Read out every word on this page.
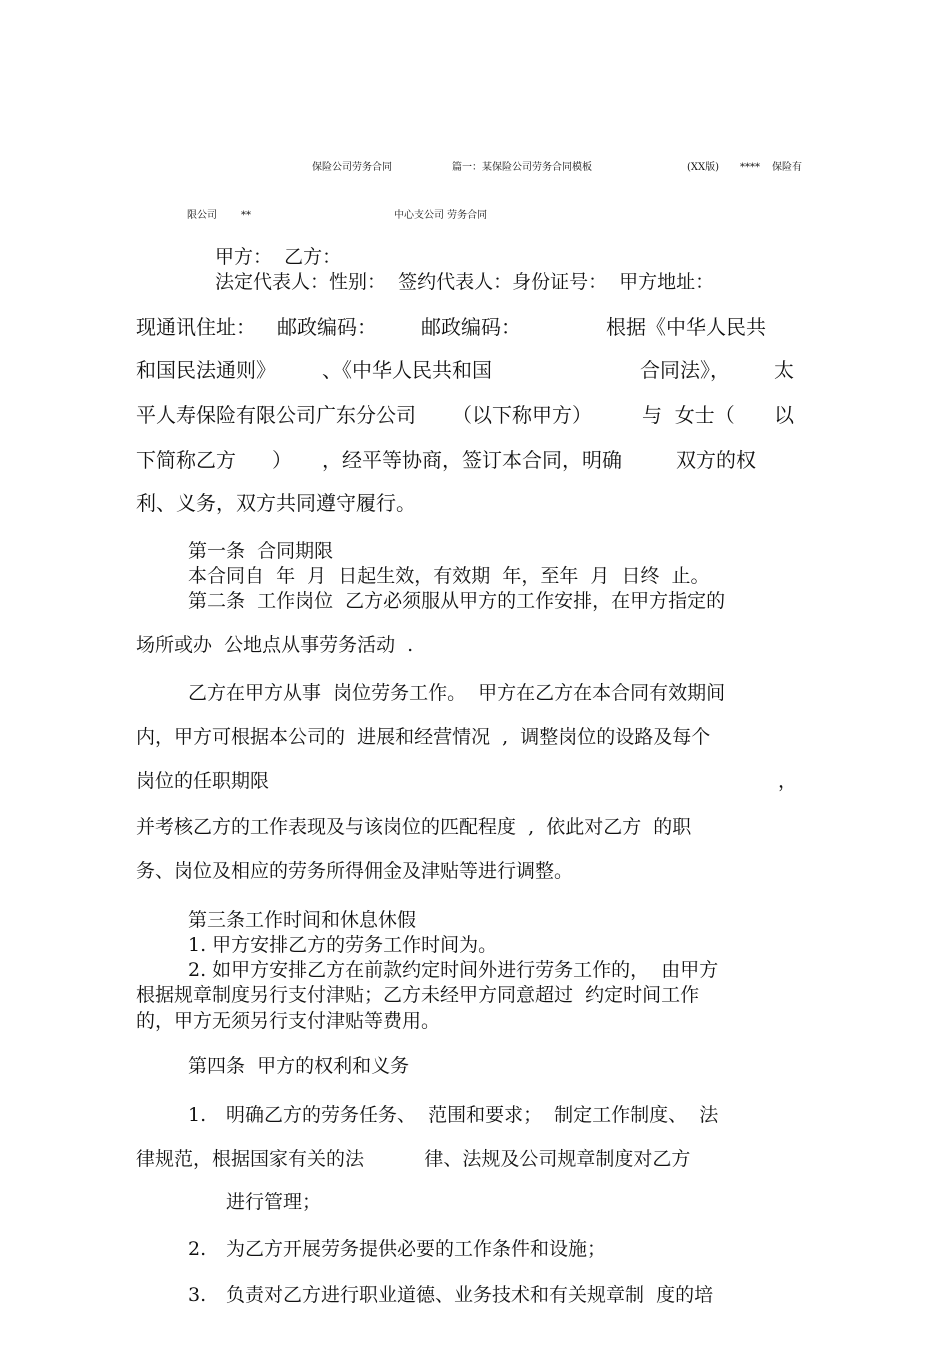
保险公司劳务合同	篇一：某保险公司劳务合同模板	(XX版) **** 保险有
限公司 **	中心支公司 劳务合同
甲方：  乙方：
法定代表人：性别：  签约代表人：身份证号：  甲方地址：
现通讯住址： 邮政编码： 邮政编码：	根据《中华人民共
和国民法通则》 、《中华人民共和国	合同法》， 太
平人寿保险有限公司广东分公司 （以下称甲方）	与  女士（ 以
下简称乙方 ） ，经平等协商，签订本合同，明确	双方的权
利、义务，双方共同遵守履行。
第一条  合同期限
本合同自  年  月  日起生效，有效期  年，至年  月  日终  止。
第二条  工作岗位  乙方必须服从甲方的工作安排，在甲方指定的
场所或办  公地点从事劳务活动  .
乙方在甲方从事  岗位劳务工作。  甲方在乙方在本合同有效期间
内，甲方可根据本公司的  进展和经营情况  ,  调整岗位的设路及每个
岗位的任职期限	，
并考核乙方的工作表现及与该岗位的匹配程度  ,  依此对乙方  的职
务、岗位及相应的劳务所得佣金及津贴等进行调整。
第三条工作时间和休息休假
1. 甲方安排乙方的劳务工作时间为。
2. 如甲方安排乙方在前款约定时间外进行劳务工作的，  由甲方
根据规章制度另行支付津贴；乙方未经甲方同意超过  约定时间工作
的，甲方无须另行支付津贴等费用。
第四条  甲方的权利和义务
1. 明确乙方的劳务任务、  范围和要求；  制定工作制度、  法
律规范，根据国家有关的法          律、法规及公司规章制度对乙方
进行管理；
2. 为乙方开展劳务提供必要的工作条件和设施；
3. 负责对乙方进行职业道德、业务技术和有关规章制  度的培
